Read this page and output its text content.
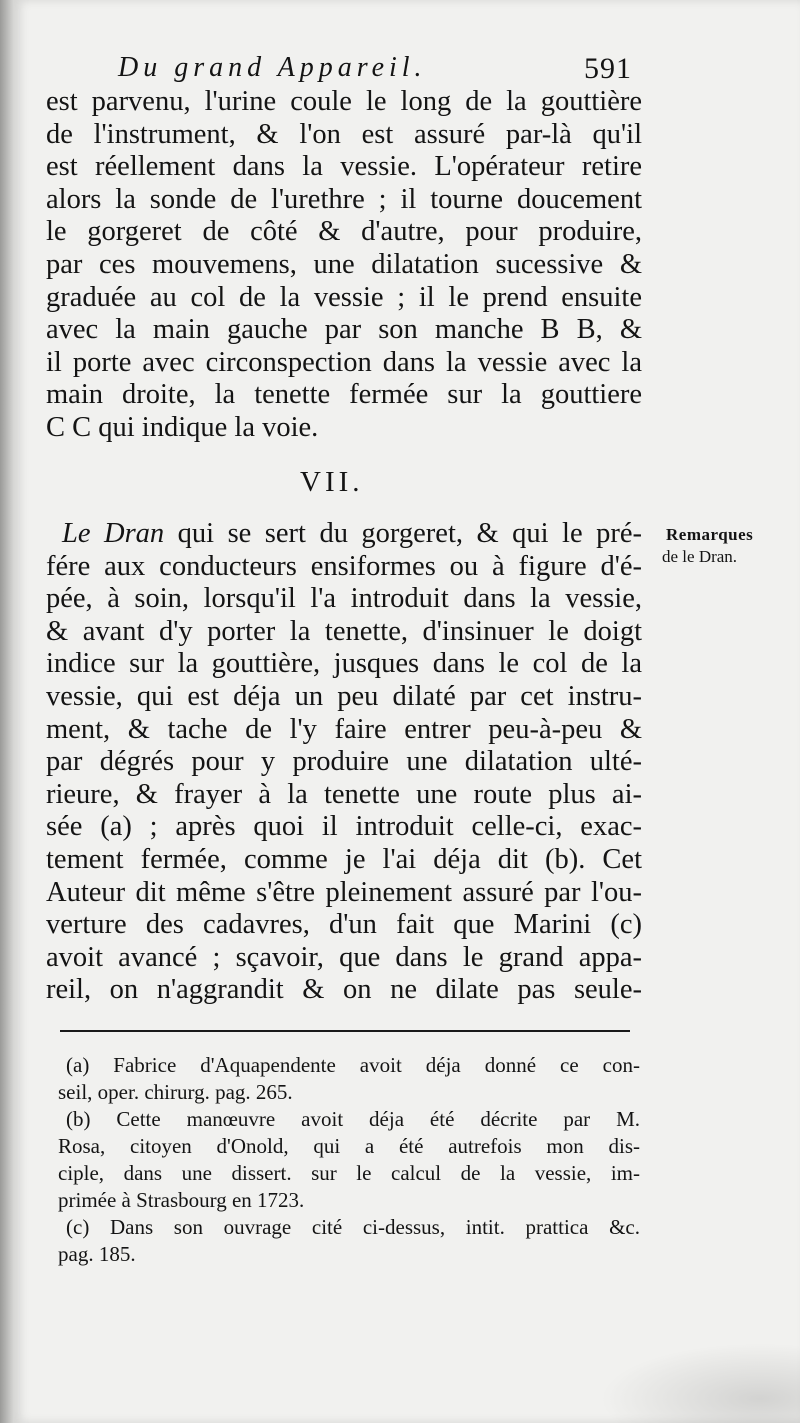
Du grand Appareil.	591
est parvenu, l'urine coule le long de la gouttière
de l'instrument, & l'on est assuré par-là qu'il
est réellement dans la vessie. L'opérateur retire
alors la sonde de l'urethre ; il tourne doucement
le gorgeret de côté & d'autre, pour produire,
par ces mouvemens, une dilatation sucessive &
graduée au col de la vessie ; il le prend ensuite
avec la main gauche par son manche B B, &
il porte avec circonspection dans la vessie avec la
main droite, la tenette fermée sur la gouttiere
C C qui indique la voie.
VII.
Le Dran qui se sert du gorgeret, & qui le pré-
fére aux conducteurs ensiformes ou à figure d'é-
pée, à soin, lorsqu'il l'a introduit dans la vessie,
& avant d'y porter la tenette, d'insinuer le doigt
indice sur la gouttière, jusques dans le col de la
vessie, qui est déja un peu dilaté par cet instru-
ment, & tache de l'y faire entrer peu-à-peu &
par dégrés pour y produire une dilatation ulté-
rieure, & frayer à la tenette une route plus ai-
sée (a) ; après quoi il introduit celle-ci, exac-
tement fermée, comme je l'ai déja dit (b). Cet
Auteur dit même s'être pleinement assuré par l'ou-
verture des cadavres, d'un fait que Marini (c)
avoit avancé ; sçavoir, que dans le grand appa-
reil, on n'aggrandit & on ne dilate pas seule-
Remarques
de le Dran.
(a) Fabrice d'Aquapendente avoit déja donné ce con-
seil, oper. chirurg. pag. 265.
(b) Cette manœuvre avoit déja été décrite par M.
Rosa, citoyen d'Onold, qui a été autrefois mon dis-
ciple, dans une dissert. sur le calcul de la vessie, im-
primée à Strasbourg en 1723.
(c) Dans son ouvrage cité ci-dessus, intit. prattica &c.
pag. 185.
